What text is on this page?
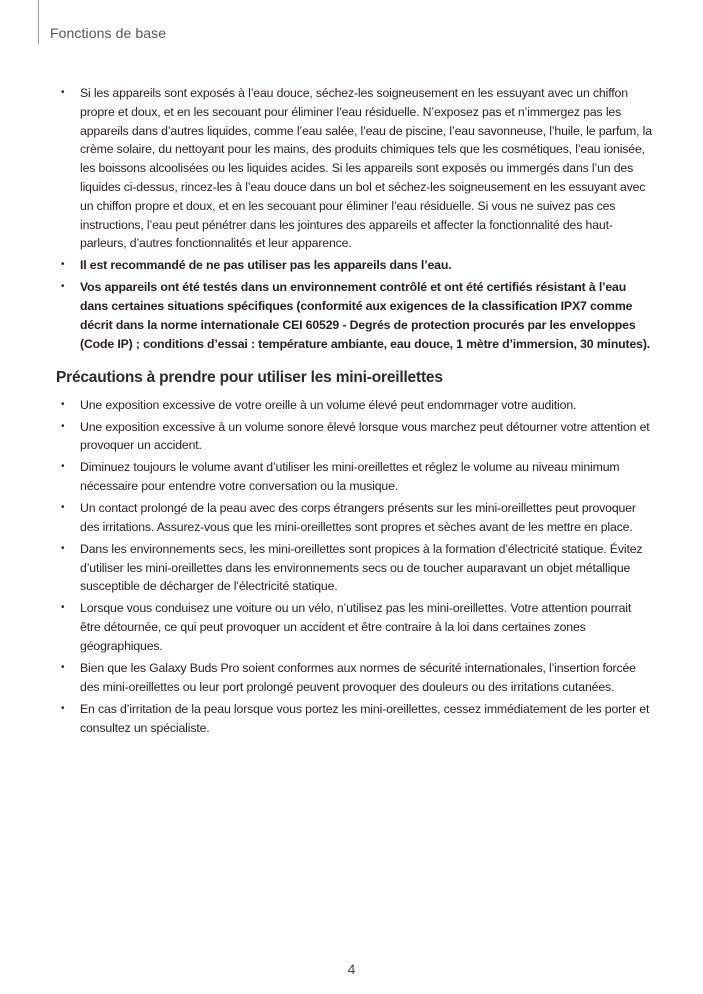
Fonctions de base
• Si les appareils sont exposés à l’eau douce, séchez-les soigneusement en les essuyant avec un chiffon propre et doux, et en les secouant pour éliminer l’eau résiduelle. N’exposez pas et n’immergez pas les appareils dans d’autres liquides, comme l’eau salée, l’eau de piscine, l’eau savonneuse, l’huile, le parfum, la crème solaire, du nettoyant pour les mains, des produits chimiques tels que les cosmétiques, l’eau ionisée, les boissons alcoolisées ou les liquides acides. Si les appareils sont exposés ou immergés dans l’un des liquides ci-dessus, rincez-les à l’eau douce dans un bol et séchez-les soigneusement en les essuyant avec un chiffon propre et doux, et en les secouant pour éliminer l’eau résiduelle. Si vous ne suivez pas ces instructions, l’eau peut pénétrer dans les jointures des appareils et affecter la fonctionnalité des haut-parleurs, d’autres fonctionnalités et leur apparence.
• Il est recommandé de ne pas utiliser pas les appareils dans l’eau.
• Vos appareils ont été testés dans un environnement contrôlé et ont été certifiés résistant à l’eau dans certaines situations spécifiques (conformité aux exigences de la classification IPX7 comme décrit dans la norme internationale CEI 60529 - Degrés de protection procurés par les enveloppes (Code IP) ; conditions d’essai : température ambiante, eau douce, 1 mètre d’immersion, 30 minutes).
Précautions à prendre pour utiliser les mini-oreillettes
• Une exposition excessive de votre oreille à un volume élevé peut endommager votre audition.
• Une exposition excessive à un volume sonore élevé lorsque vous marchez peut détourner votre attention et provoquer un accident.
• Diminuez toujours le volume avant d’utiliser les mini-oreillettes et réglez le volume au niveau minimum nécessaire pour entendre votre conversation ou la musique.
• Un contact prolongé de la peau avec des corps étrangers présents sur les mini-oreillettes peut provoquer des irritations. Assurez-vous que les mini-oreillettes sont propres et sèches avant de les mettre en place.
• Dans les environnements secs, les mini-oreillettes sont propices à la formation d’électricité statique. Évitez d’utiliser les mini-oreillettes dans les environnements secs ou de toucher auparavant un objet métallique susceptible de décharger de l’électricité statique.
• Lorsque vous conduisez une voiture ou un vélo, n’utilisez pas les mini-oreillettes. Votre attention pourrait être détournée, ce qui peut provoquer un accident et être contraire à la loi dans certaines zones géographiques.
• Bien que les Galaxy Buds Pro soient conformes aux normes de sécurité internationales, l’insertion forcée des mini-oreillettes ou leur port prolongé peuvent provoquer des douleurs ou des irritations cutanées.
• En cas d’irritation de la peau lorsque vous portez les mini-oreillettes, cessez immédiatement de les porter et consultez un spécialiste.
4
